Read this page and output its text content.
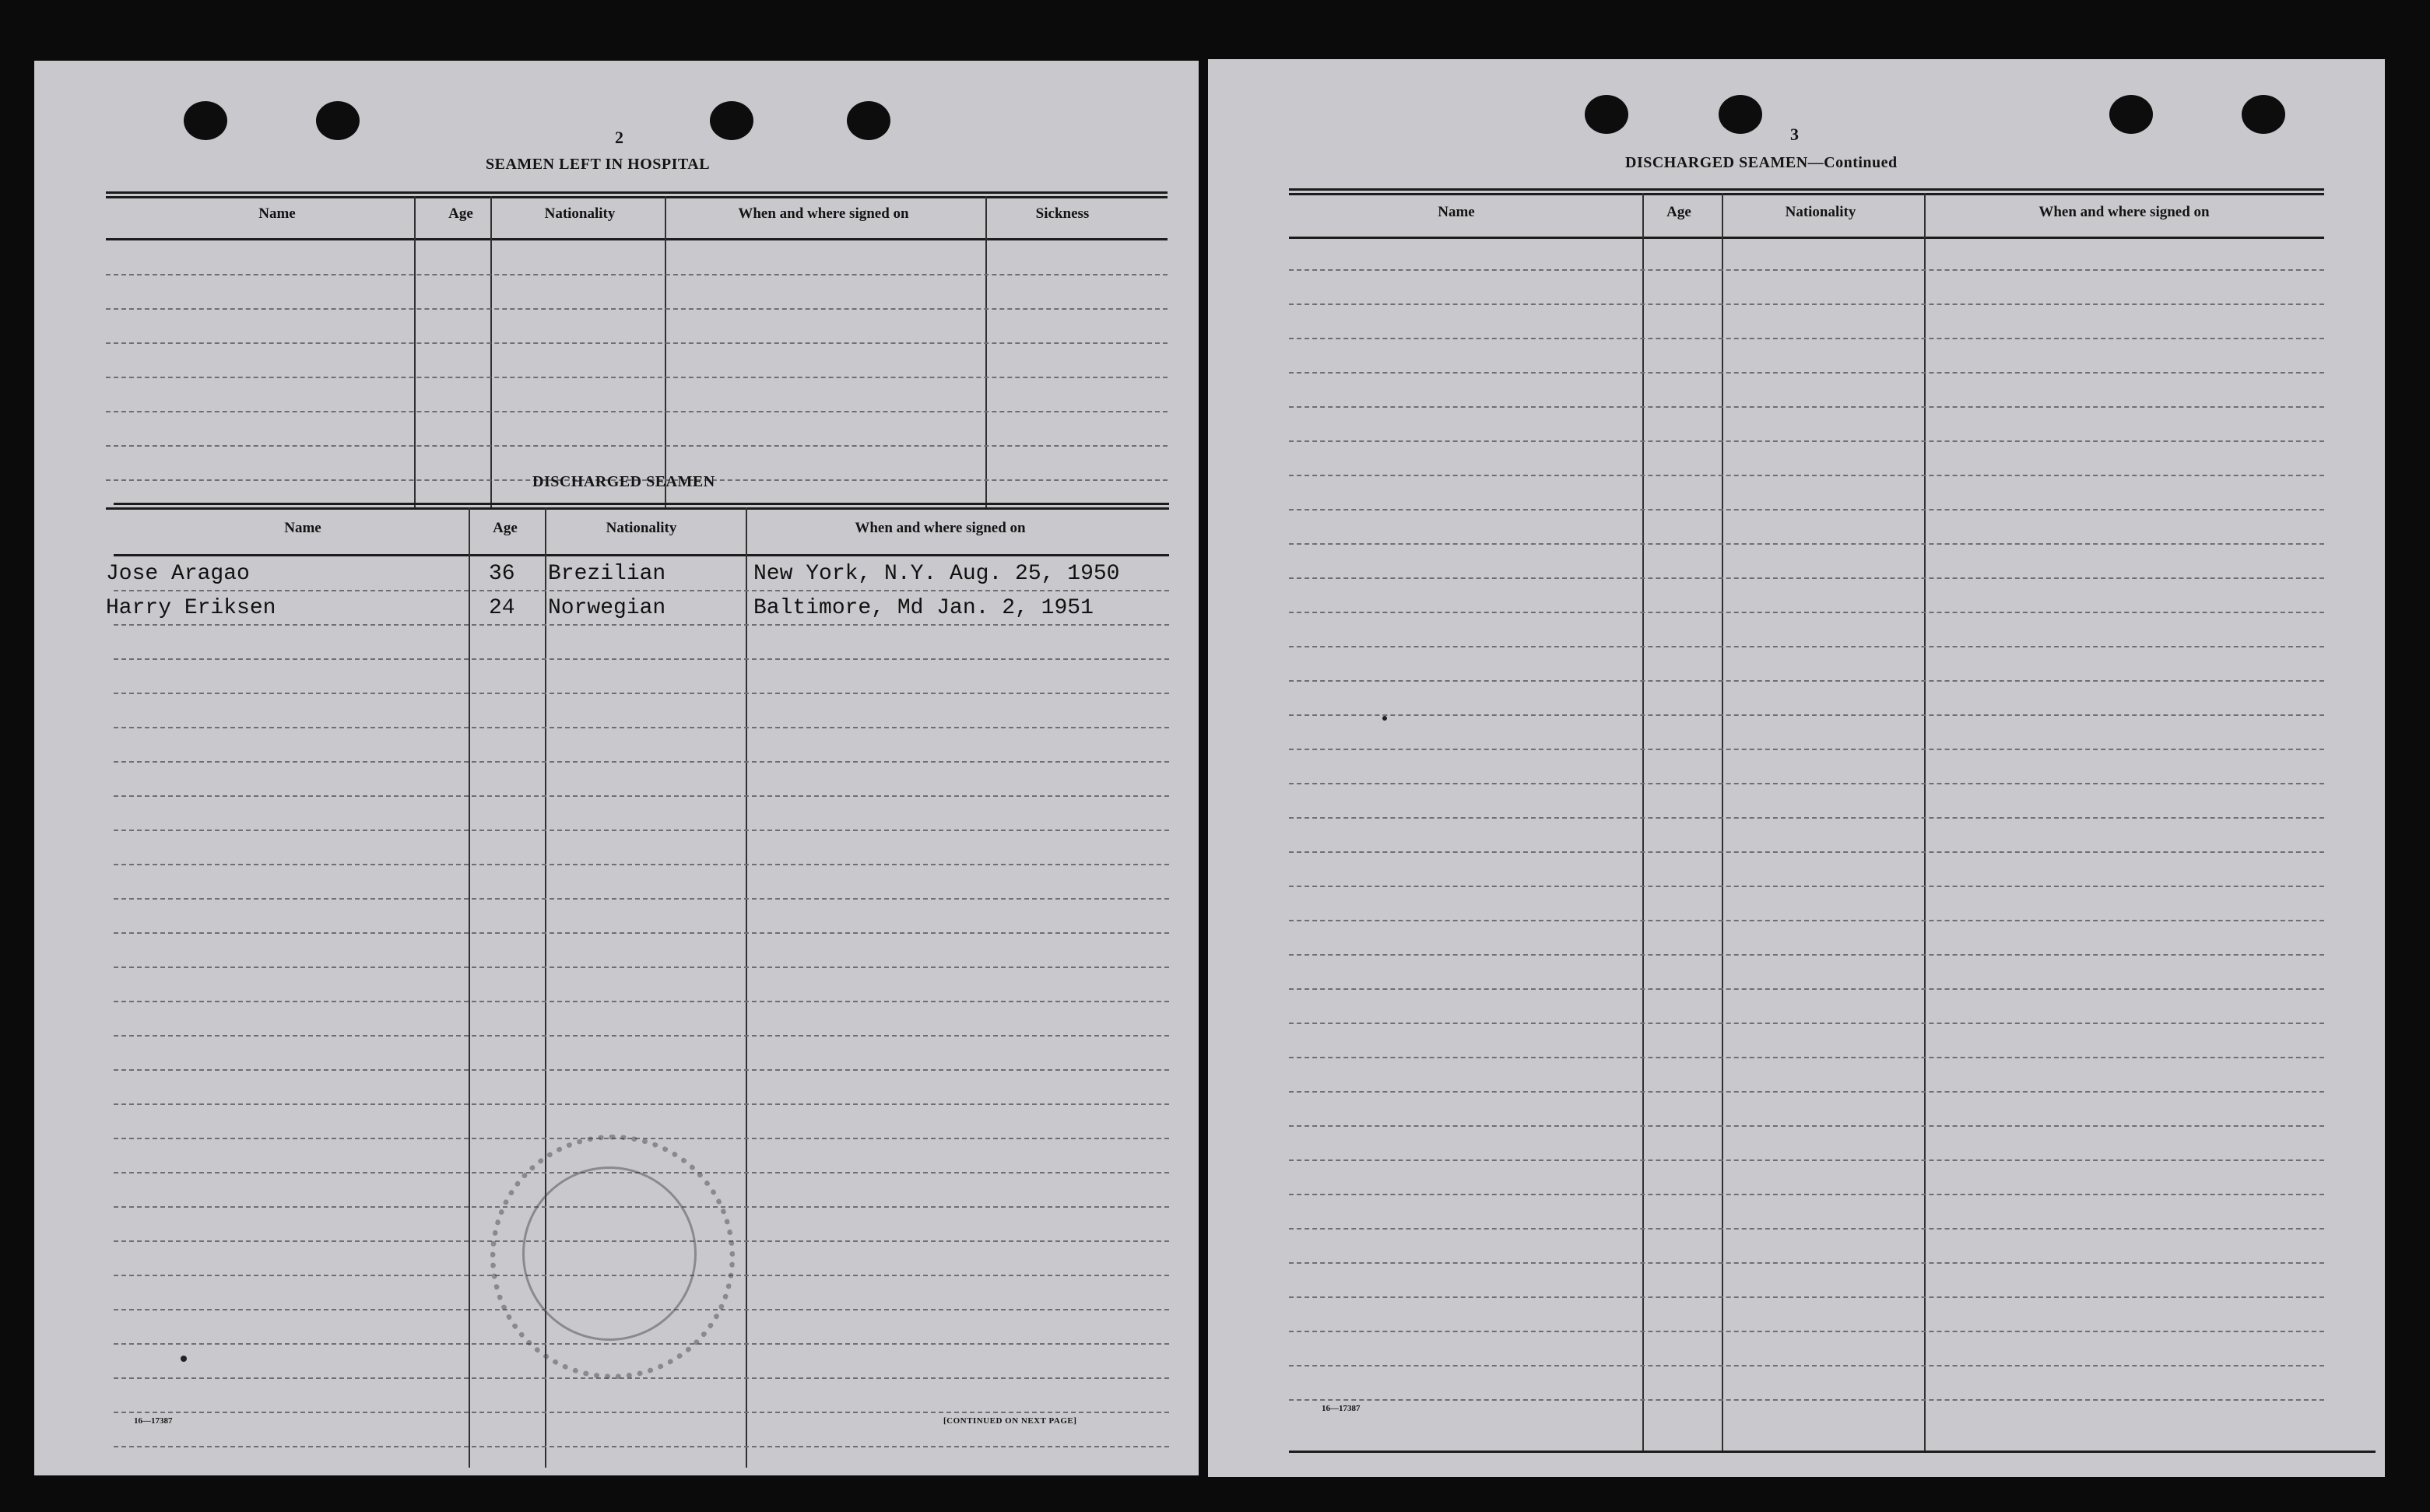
2
SEAMEN LEFT IN HOSPITAL
Name	Age	Nationality	When and where signed on	Sickness
DISCHARGED SEAMEN
Name	Age	Nationality	When and where signed on
Jose Aragao	36 Brezilian	New York, N.Y. Aug. 25, 1950
Harry Eriksen	24 Norwegian	Baltimore, Md Jan. 2, 1951
16—17387	[CONTINUED ON NEXT PAGE]
3
DISCHARGED SEAMEN—Continued
Name	Age	Nationality	When and where signed on
16—17387
